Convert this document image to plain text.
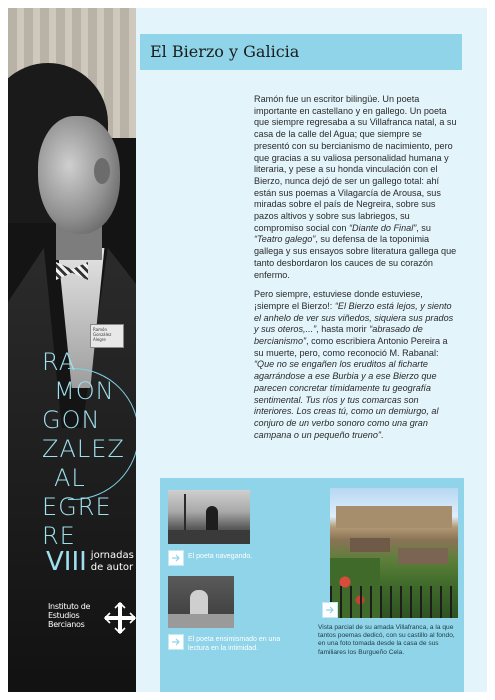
Ramón González Alegre
RA
MON
GON
ZALEZ
AL
EGRE
RE
VIII jornadas de autor
Instituto de Estudios Bercianos
El Bierzo y Galicia

Ramón fue un escritor bilingüe. Un poeta importante en castellano y en gallego. Un poeta que siempre regresaba a su Villafranca natal, a su casa de la calle del Agua; que siempre se presentó con su bercianismo de nacimiento, pero que gracias a su valiosa personalidad humana y literaria, y pese a su honda vinculación con el Bierzo, nunca dejó de ser un gallego total: ahí están sus poemas a Vilagarcía de Arousa, sus miradas sobre el país de Negreira, sobre sus pazos altivos y sobre sus labriegos, su compromiso social con “Diante do Final”, su “Teatro galego”, su defensa de la toponimia gallega y sus ensayos sobre literatura gallega que tanto desbordaron los cauces de su corazón enfermo.

Pero siempre, estuviese donde estuviese, ¡siempre el Bierzo!: “El Bierzo está lejos, y siento el anhelo de ver sus viñedos, siquiera sus prados y sus oteros,...”, hasta morir “abrasado de bercianismo”, como escribiera Antonio Pereira a su muerte, pero, como reconoció M. Rabanal: “Que no se engañen los eruditos al ficharte agarrándose a ese Burbia y a ese Bierzo que parecen concretar tímidamente tu geografía sentimental. Tus ríos y tus comarcas son interiores. Los creas tú, como un demiurgo, al conjuro de un verbo sonoro como una gran campana o un pequeño trueno”.

El poeta navegando.
El poeta ensimismado en una lectura en la intimidad.
Vista parcial de su amada Villafranca, a la que tantos poemas dedicó, con su castillo al fondo, en una foto tomada desde la casa de sus familiares los Burgueño Cela.
